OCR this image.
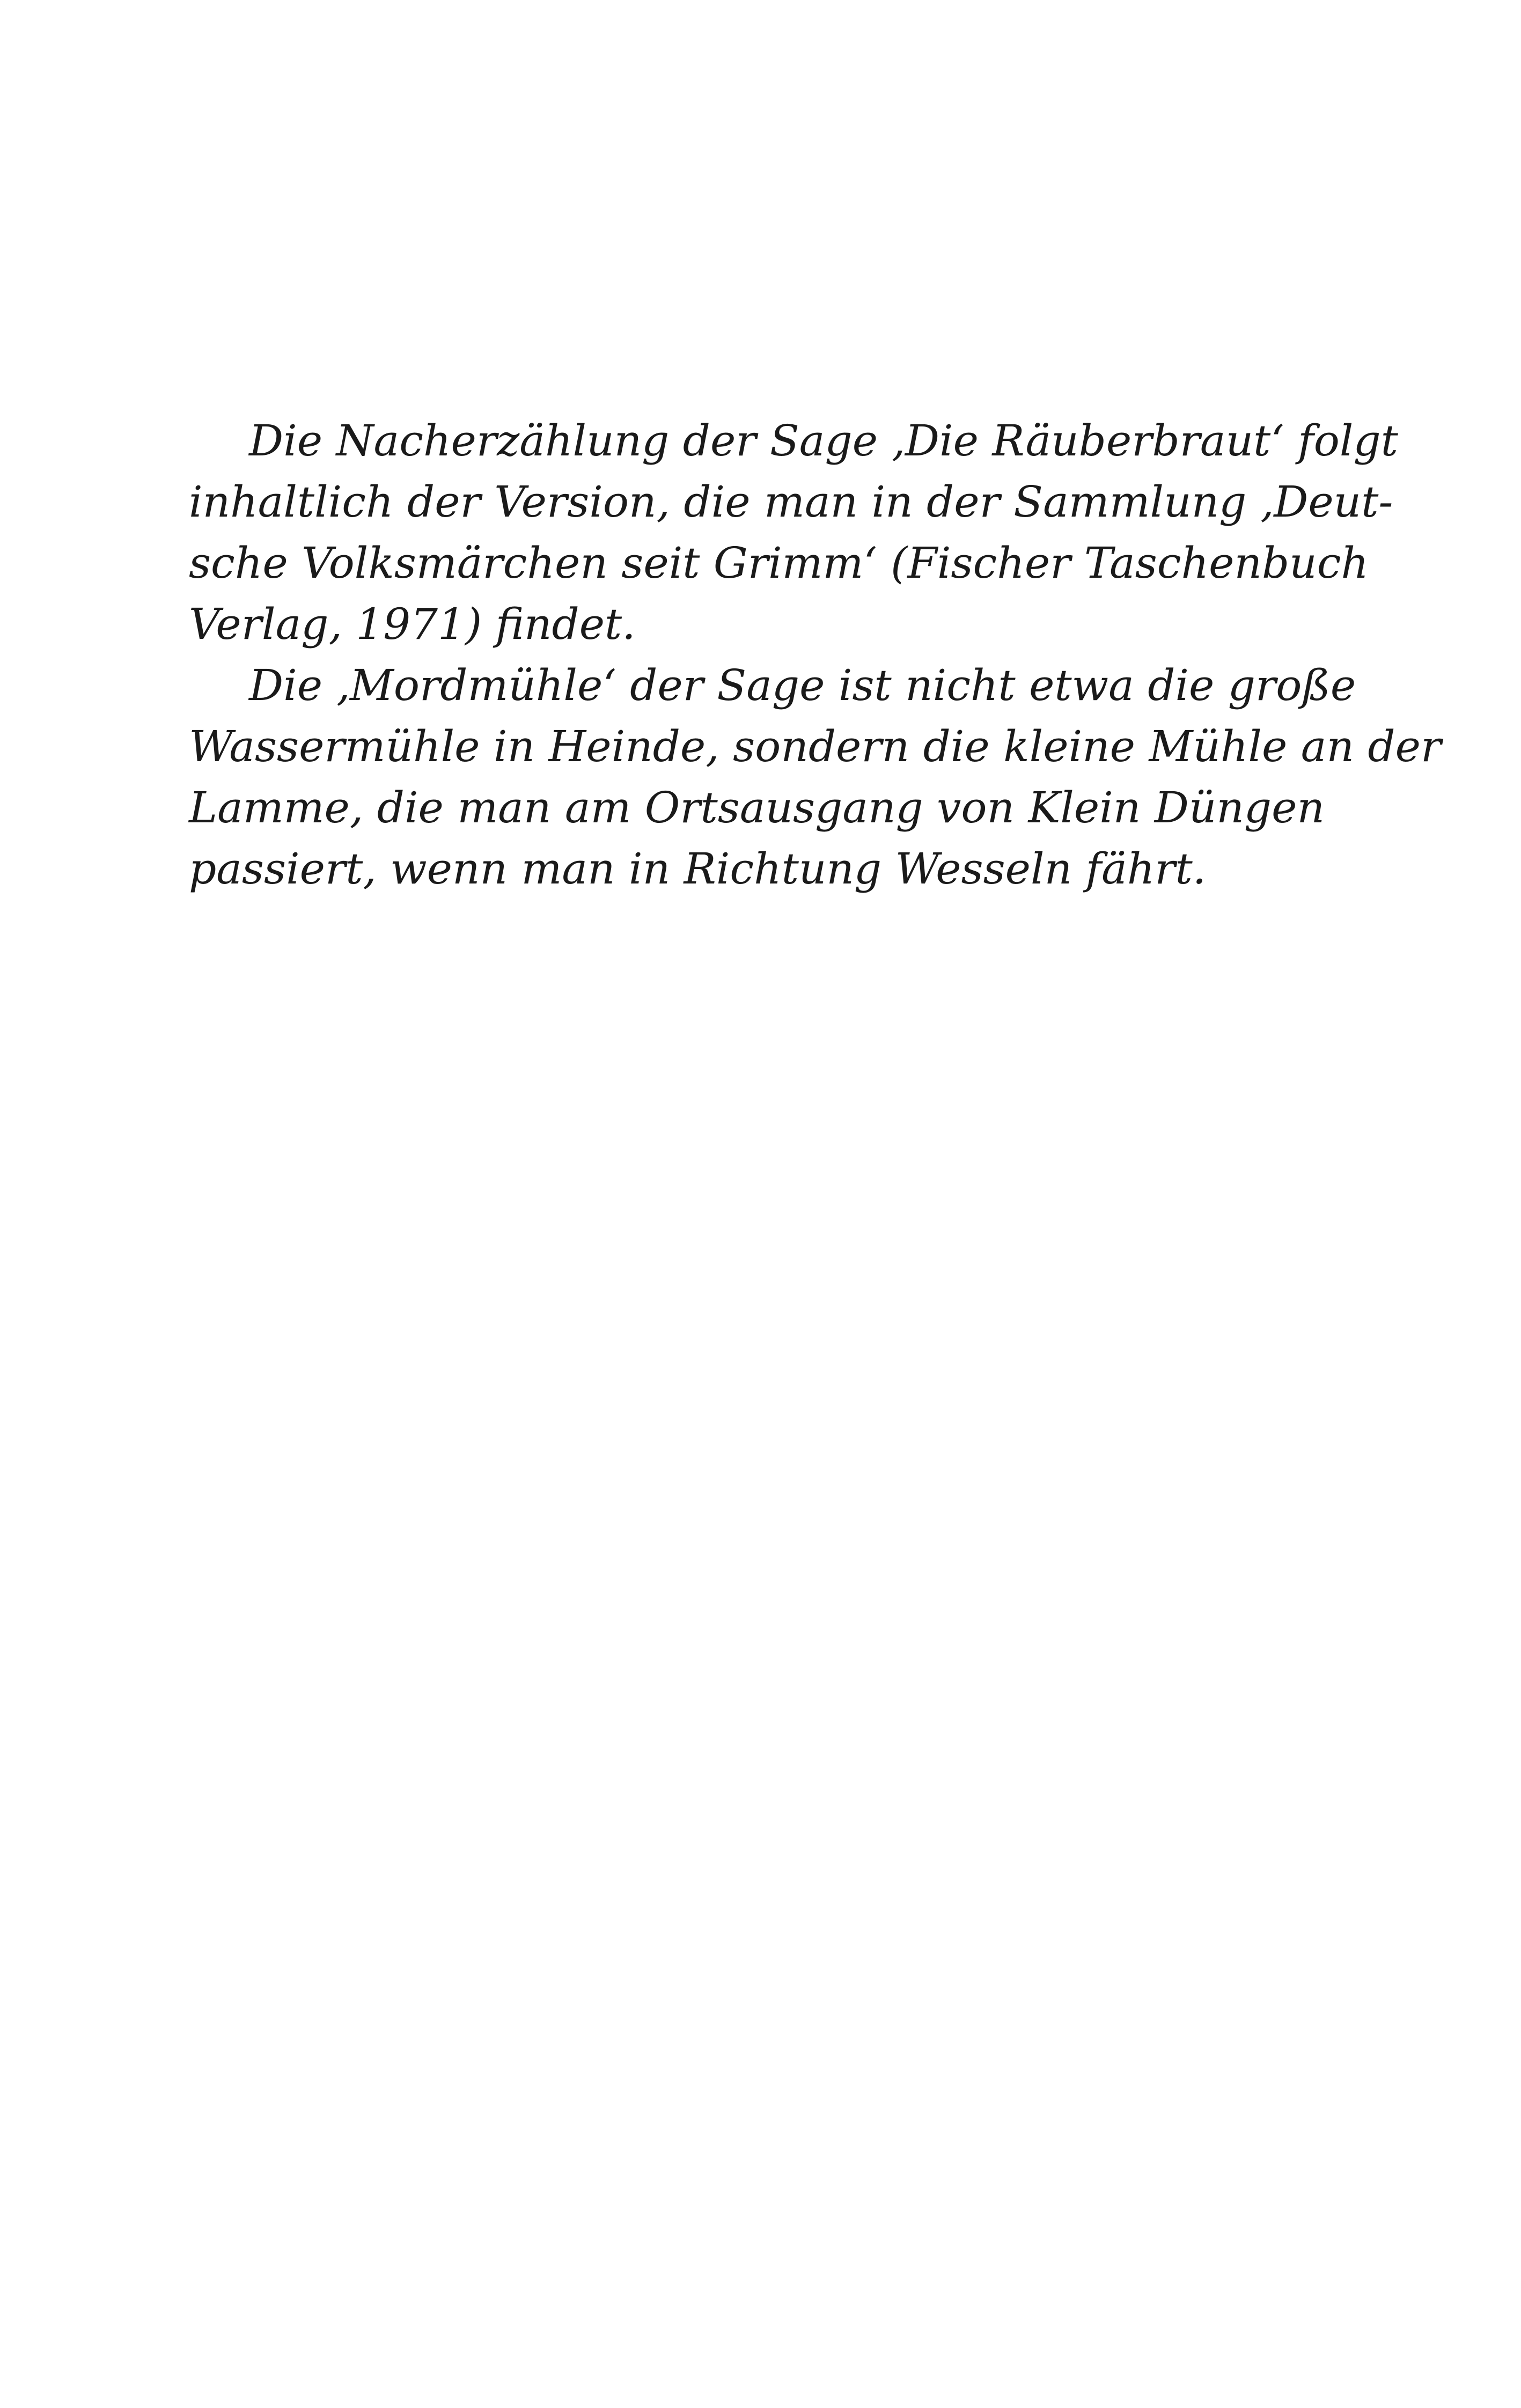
Die Nacherzählung der Sage ‚Die Räuberbraut‘ folgt
inhaltlich der Version, die man in der Sammlung ‚Deut-
sche Volksmärchen seit Grimm‘ (Fischer Taschenbuch
Verlag, 1971) findet.
Die ‚Mordmühle‘ der Sage ist nicht etwa die große
Wassermühle in Heinde, sondern die kleine Mühle an der
Lamme, die man am Ortsausgang von Klein Düngen
passiert, wenn man in Richtung Wesseln fährt.
